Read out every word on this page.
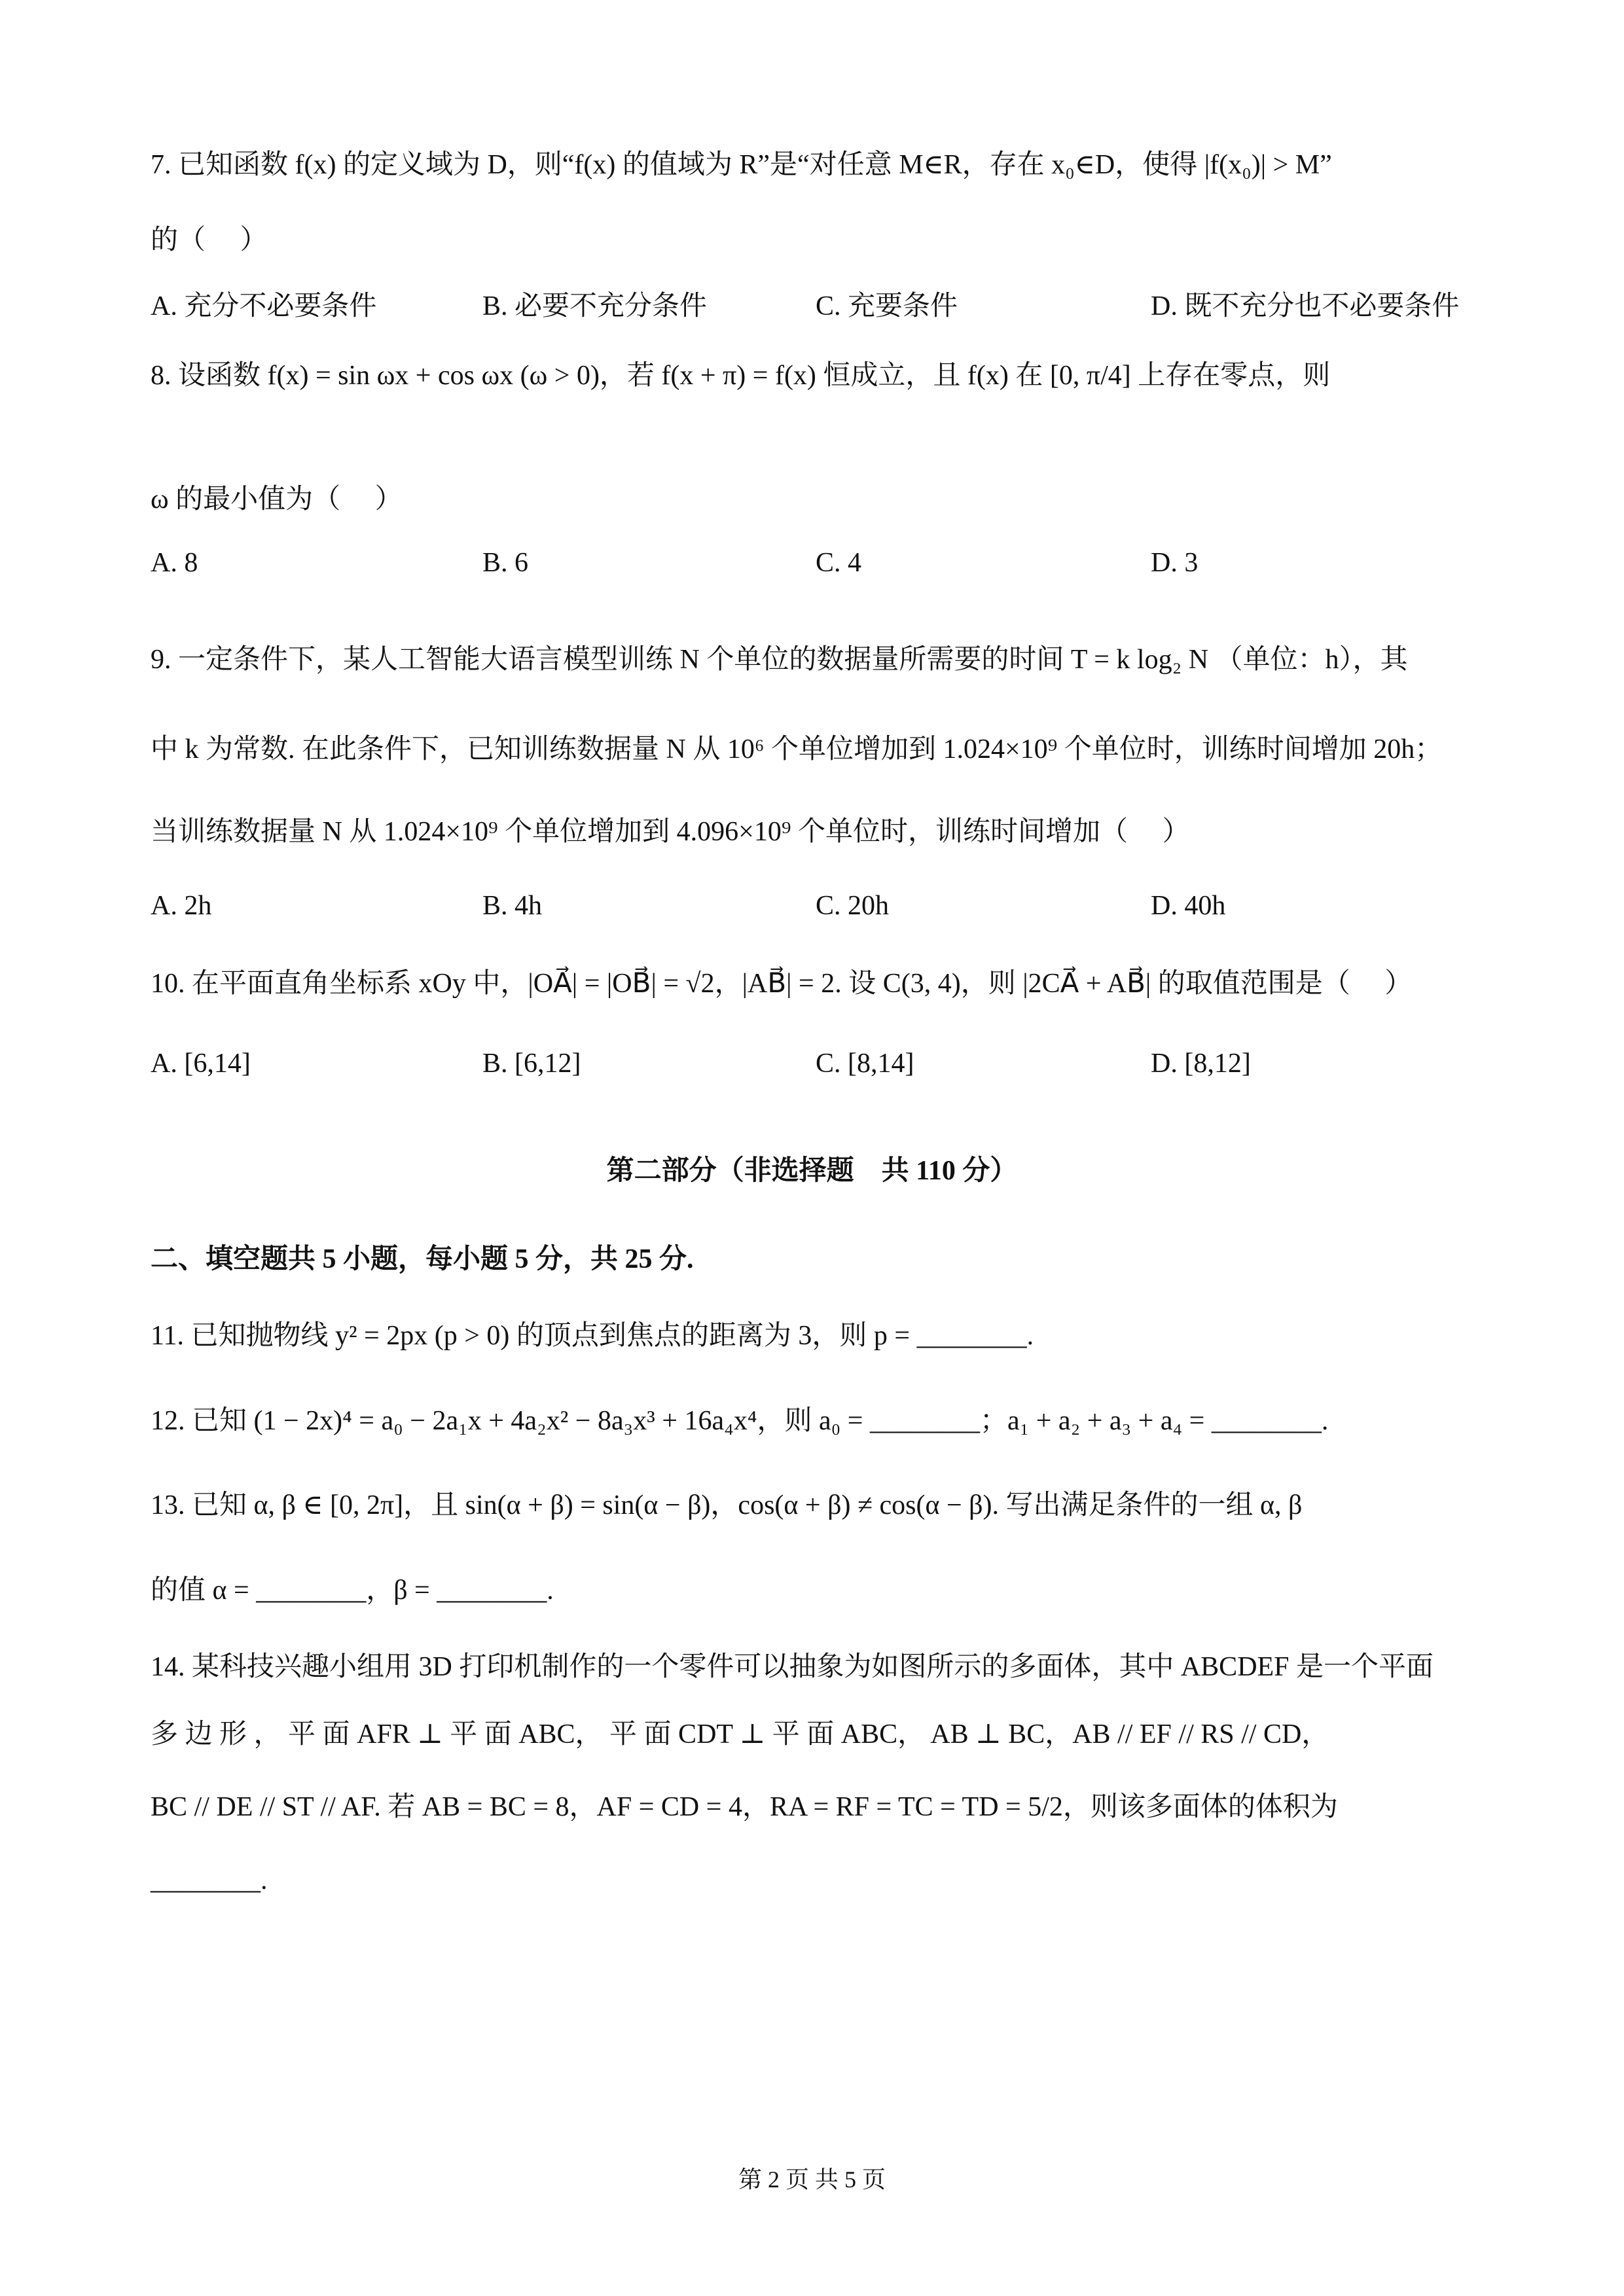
7. 已知函数 f(x) 的定义域为 D，则“f(x) 的值域为 R”是“对任意 M∈R，存在 x₀∈D，使得 |f(x₀)| > M”
的（　 ）
A. 充分不必要条件	B. 必要不充分条件	C. 充要条件	D. 既不充分也不必要条件
8. 设函数 f(x) = sin ωx + cos ωx (ω > 0)，若 f(x + π) = f(x) 恒成立，且 f(x) 在 [0, π/4] 上存在零点，则
ω 的最小值为（　 ）
A. 8	B. 6	C. 4	D. 3
9. 一定条件下，某人工智能大语言模型训练 N 个单位的数据量所需要的时间 T = k log₂ N （单位：h），其
中 k 为常数. 在此条件下，已知训练数据量 N 从 10⁶ 个单位增加到 1.024×10⁹ 个单位时，训练时间增加 20h；
当训练数据量 N 从 1.024×10⁹ 个单位增加到 4.096×10⁹ 个单位时，训练时间增加（　 ）
A. 2h	B. 4h	C. 20h	D. 40h
10. 在平面直角坐标系 xOy 中，|OA⃗| = |OB⃗| = √2，|AB⃗| = 2. 设 C(3, 4)，则 |2CA⃗ + AB⃗| 的取值范围是（　 ）
A. [6,14]	B. [6,12]	C. [8,14]	D. [8,12]
第二部分（非选择题　共 110 分）
二、填空题共 5 小题，每小题 5 分，共 25 分.
11. 已知抛物线 y² = 2px (p > 0) 的顶点到焦点的距离为 3，则 p = ________.
12. 已知 (1 − 2x)⁴ = a₀ − 2a₁x + 4a₂x² − 8a₃x³ + 16a₄x⁴，则 a₀ = ________；a₁ + a₂ + a₃ + a₄ = ________.
13. 已知 α, β ∈ [0, 2π]，且 sin(α + β) = sin(α − β)，cos(α + β) ≠ cos(α − β). 写出满足条件的一组 α, β
的值 α = ________，β = ________.
14. 某科技兴趣小组用 3D 打印机制作的一个零件可以抽象为如图所示的多面体，其中 ABCDEF 是一个平面
多 边 形 ， 平 面 AFR ⊥ 平 面 ABC， 平 面 CDT ⊥ 平 面 ABC， AB ⊥ BC，AB // EF // RS // CD，
BC // DE // ST // AF. 若 AB = BC = 8，AF = CD = 4，RA = RF = TC = TD = 5/2，则该多面体的体积为
________.
第 2 页 共 5 页
